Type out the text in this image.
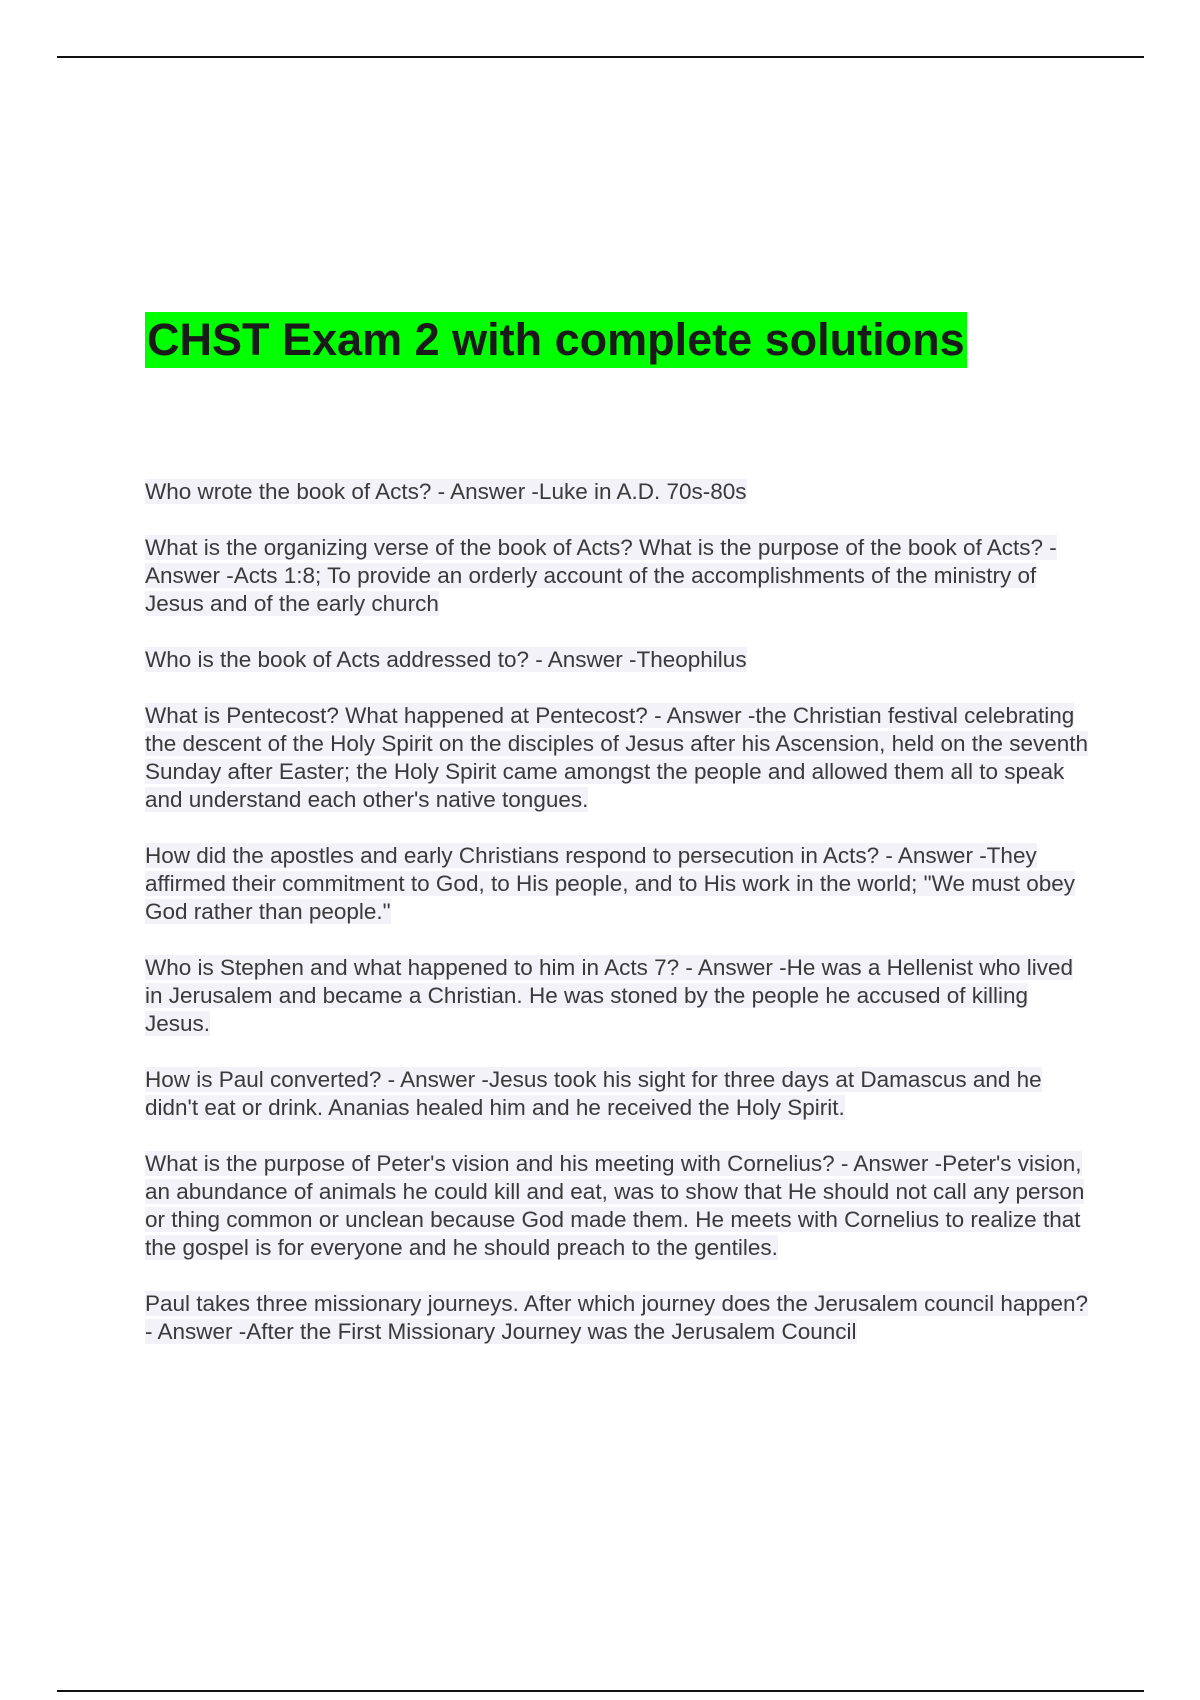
CHST Exam 2 with complete solutions

Who wrote the book of Acts? - Answer -Luke in A.D. 70s-80s

What is the organizing verse of the book of Acts? What is the purpose of the book of Acts? - Answer -Acts 1:8; To provide an orderly account of the accomplishments of the ministry of Jesus and of the early church

Who is the book of Acts addressed to? - Answer -Theophilus

What is Pentecost? What happened at Pentecost? - Answer -the Christian festival celebrating the descent of the Holy Spirit on the disciples of Jesus after his Ascension, held on the seventh Sunday after Easter; the Holy Spirit came amongst the people and allowed them all to speak and understand each other's native tongues.

How did the apostles and early Christians respond to persecution in Acts? - Answer -They affirmed their commitment to God, to His people, and to His work in the world; "We must obey God rather than people."

Who is Stephen and what happened to him in Acts 7? - Answer -He was a Hellenist who lived in Jerusalem and became a Christian. He was stoned by the people he accused of killing Jesus.

How is Paul converted? - Answer -Jesus took his sight for three days at Damascus and he didn't eat or drink. Ananias healed him and he received the Holy Spirit.

What is the purpose of Peter's vision and his meeting with Cornelius? - Answer -Peter's vision, an abundance of animals he could kill and eat, was to show that He should not call any person or thing common or unclean because God made them. He meets with Cornelius to realize that the gospel is for everyone and he should preach to the gentiles.

Paul takes three missionary journeys. After which journey does the Jerusalem council happen? - Answer -After the First Missionary Journey was the Jerusalem Council
